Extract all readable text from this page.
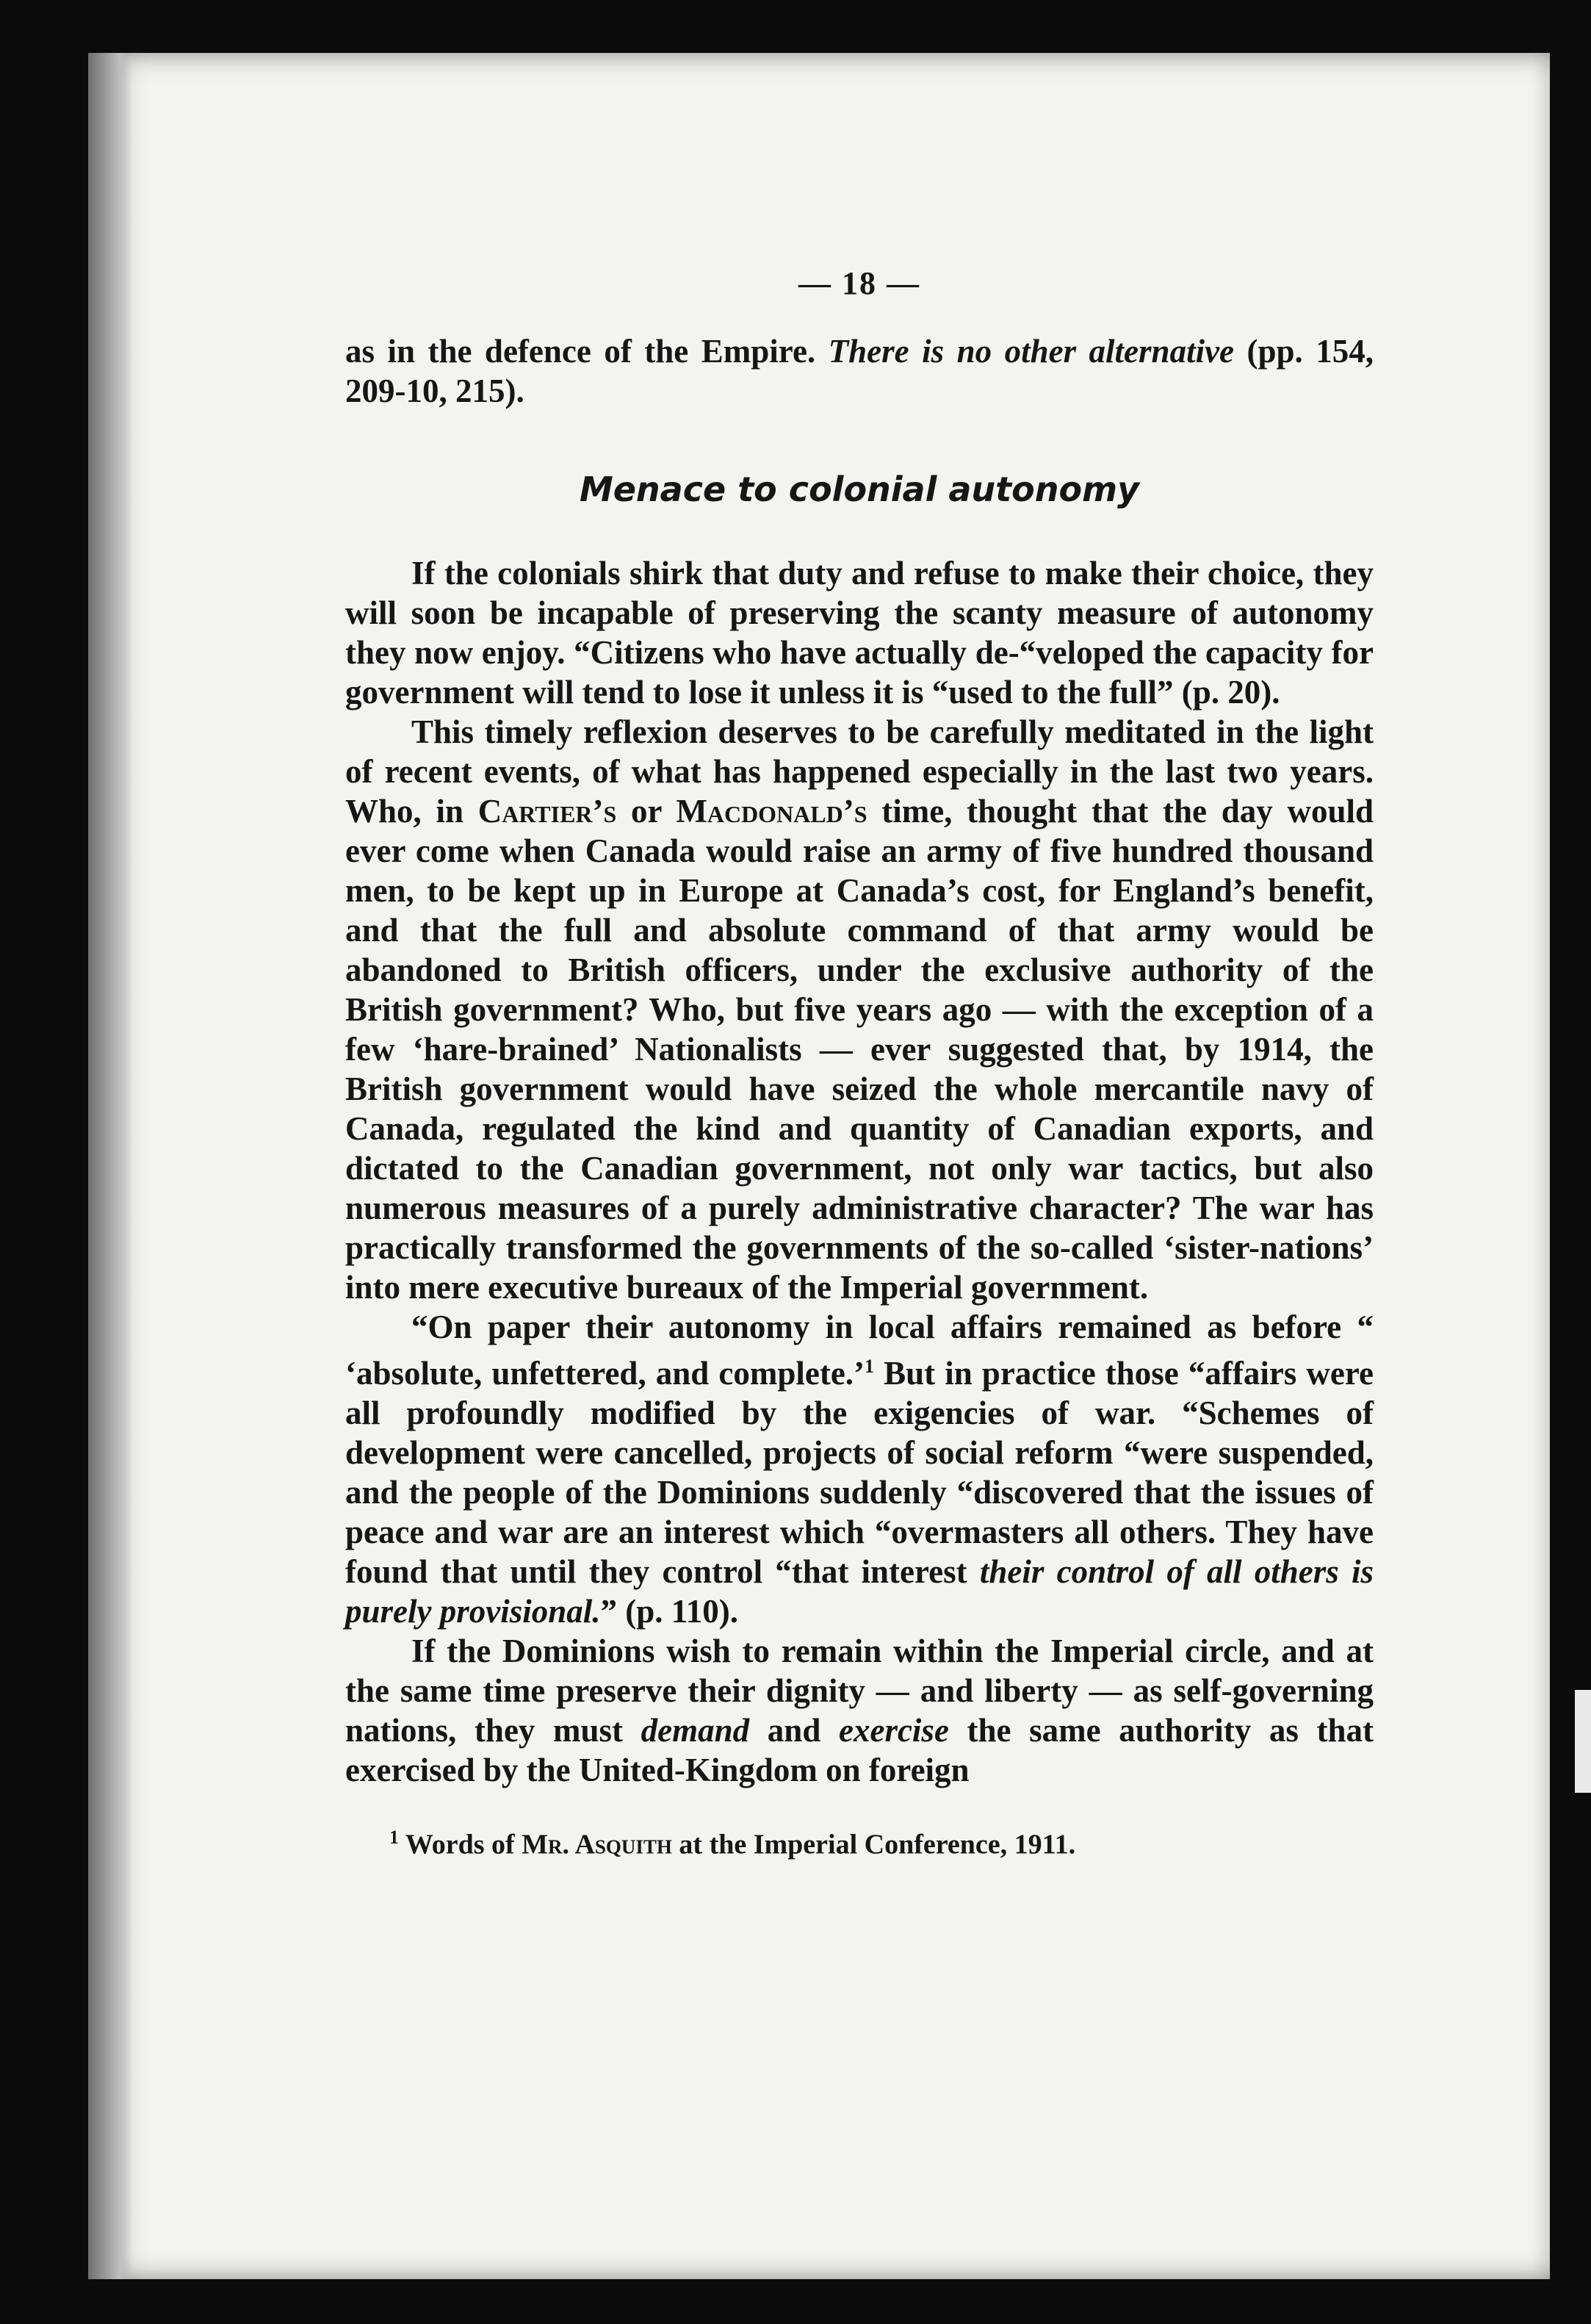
— 18 —

as in the defence of the Empire. There is no other alternative (pp. 154, 209-10, 215).

Menace to colonial autonomy

If the colonials shirk that duty and refuse to make their choice, they will soon be incapable of preserving the scanty measure of autonomy they now enjoy. “Citizens who have actually de-“veloped the capacity for government will tend to lose it unless it is “used to the full” (p. 20).

This timely reflexion deserves to be carefully meditated in the light of recent events, of what has happened especially in the last two years. Who, in Cartier’s or Macdonald’s time, thought that the day would ever come when Canada would raise an army of five hundred thousand men, to be kept up in Europe at Canada’s cost, for England’s benefit, and that the full and absolute command of that army would be abandoned to British officers, under the exclusive authority of the British government? Who, but five years ago — with the exception of a few ‘hare-brained’ Nationalists — ever suggested that, by 1914, the British government would have seized the whole mercantile navy of Canada, regulated the kind and quantity of Canadian exports, and dictated to the Canadian government, not only war tactics, but also numerous measures of a purely administrative character? The war has practically transformed the governments of the so-called ‘sister-nations’ into mere executive bureaux of the Imperial government.

“On paper their autonomy in local affairs remained as before “ ‘absolute, unfettered, and complete.’$^1$ But in practice those “affairs were all profoundly modified by the exigencies of war. “Schemes of development were cancelled, projects of social reform “were suspended, and the people of the Dominions suddenly “discovered that the issues of peace and war are an interest which “overmasters all others. They have found that until they control “that interest their control of all others is purely provisional.” (p. 110).

If the Dominions wish to remain within the Imperial circle, and at the same time preserve their dignity — and liberty — as self-governing nations, they must demand and exercise the same authority as that exercised by the United-Kingdom on foreign

$^1$ Words of Mr. Asquith at the Imperial Conference, 1911.
